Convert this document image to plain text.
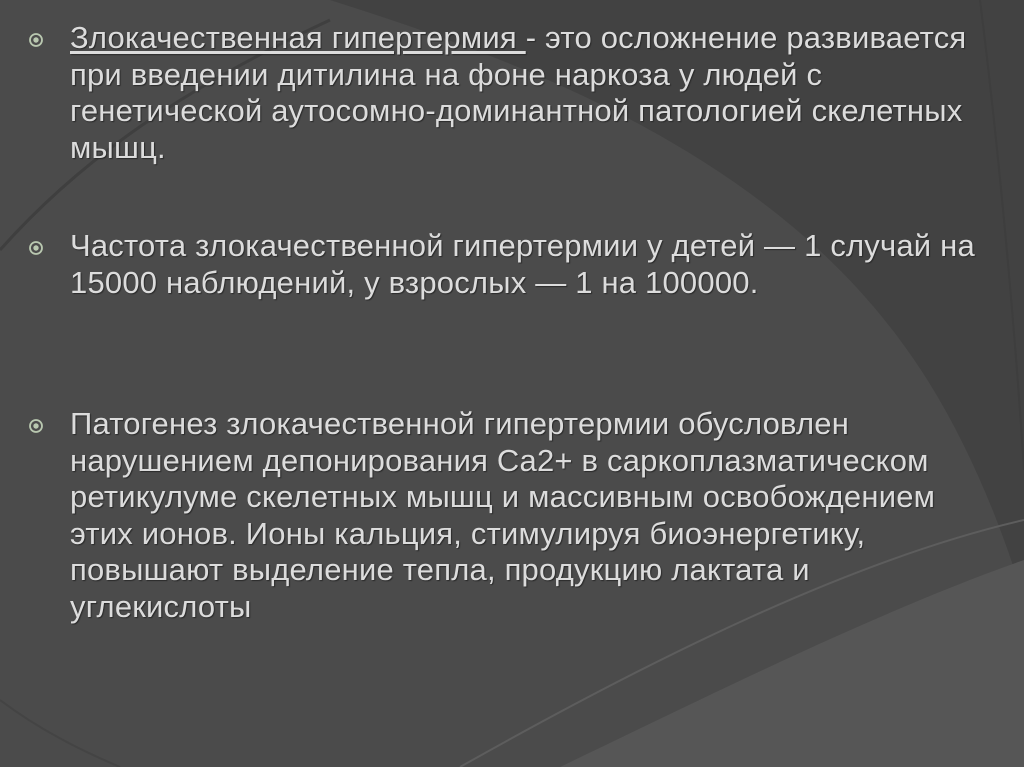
Злокачественная гипертермия - это осложнение развивается при введении дитилина на фоне наркоза у людей с генетической аутосомно-доминантной патологией скелетных мышц.
Частота злокачественной гипертермии у детей — 1 случай на 15000 наблюдений, у взрослых — 1 на 100000.
Патогенез злокачественной гипертермии обусловлен нарушением депонирования Ca2+ в саркоплазматическом ретикулуме скелетных мышц и массивным освобождением этих ионов. Ионы кальция, стимулируя биоэнергетику, повышают выделение тепла, продукцию лактата и углекислоты
